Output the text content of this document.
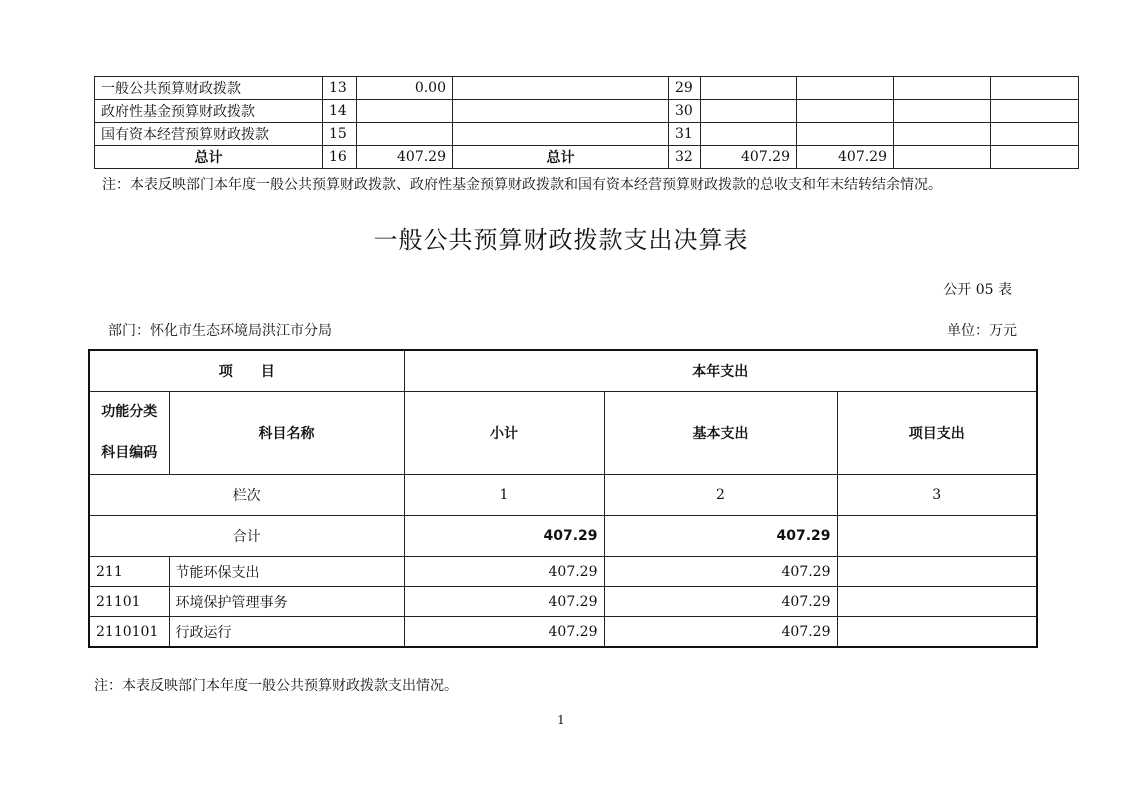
一般公共预算财政拨款	13	0.00		29				
政府性基金预算财政拨款	14			30				
国有资本经营预算财政拨款	15			31				
总计	16	407.29	总计	32	407.29	407.29		
注：本表反映部门本年度一般公共预算财政拨款、政府性基金预算财政拨款和国有资本经营预算财政拨款的总收支和年末结转结余情况。
一般公共预算财政拨款支出决算表
公开 05 表
部门：怀化市生态环境局洪江市分局	单位：万元
项　　目		本年支出		

功能分类
科目编码	科目名称	小计	基本支出	项目支出
栏次		1	2	3
合计		407.29	407.29	
211	节能环保支出	407.29	407.29	
21101	环境保护管理事务	407.29	407.29	
2110101	行政运行	407.29	407.29	
注：本表反映部门本年度一般公共预算财政拨款支出情况。
1
